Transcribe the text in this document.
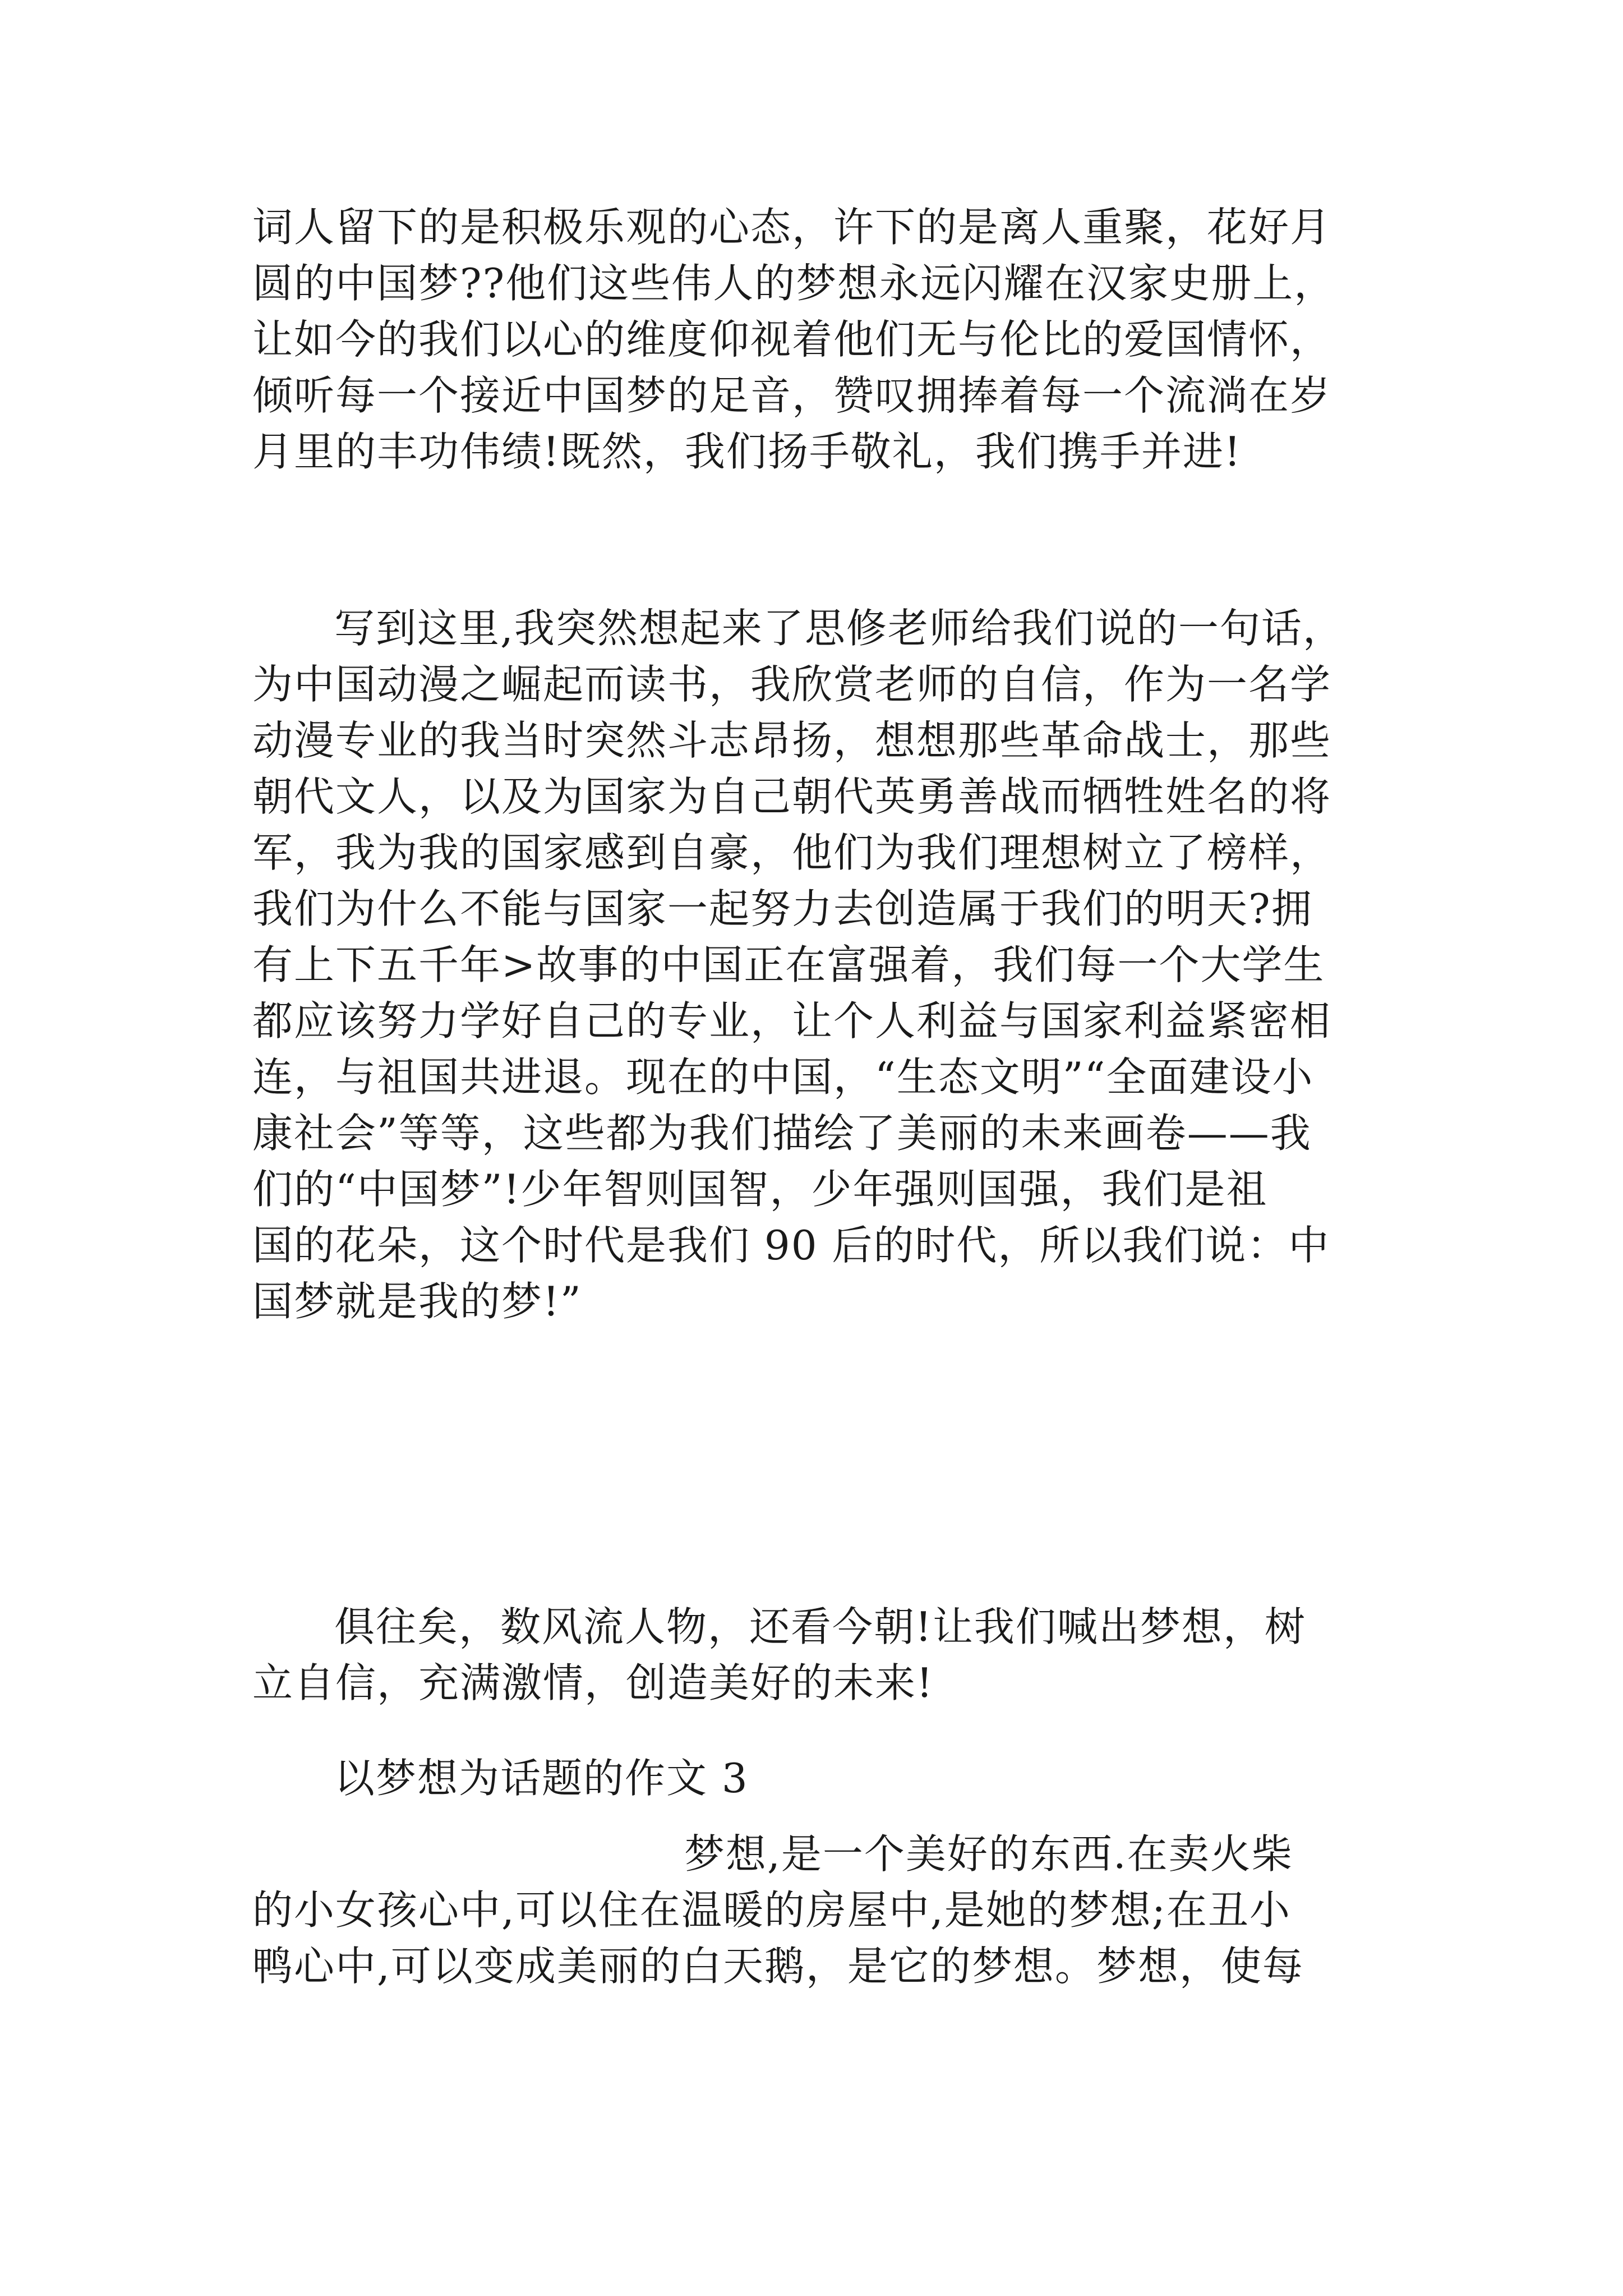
词人留下的是积极乐观的心态，许下的是离人重聚，花好月
圆的中国梦??他们这些伟人的梦想永远闪耀在汉家史册上，
让如今的我们以心的维度仰视着他们无与伦比的爱国情怀，
倾听每一个接近中国梦的足音，赞叹拥捧着每一个流淌在岁
月里的丰功伟绩!既然，我们扬手敬礼，我们携手并进!
写到这里,我突然想起来了思修老师给我们说的一句话，
为中国动漫之崛起而读书，我欣赏老师的自信，作为一名学
动漫专业的我当时突然斗志昂扬，想想那些革命战士，那些
朝代文人，以及为国家为自己朝代英勇善战而牺牲姓名的将
军，我为我的国家感到自豪，他们为我们理想树立了榜样，
我们为什么不能与国家一起努力去创造属于我们的明天?拥
有上下五千年>故事的中国正在富强着，我们每一个大学生
都应该努力学好自己的专业，让个人利益与国家利益紧密相
连，与祖国共进退。现在的中国，“生态文明”“全面建设小
康社会”等等，这些都为我们描绘了美丽的未来画卷——我
们的“中国梦”!少年智则国智，少年强则国强，我们是祖
国的花朵，这个时代是我们 90 后的时代，所以我们说：中
国梦就是我的梦!”
俱往矣，数风流人物，还看今朝!让我们喊出梦想，树
立自信，充满激情，创造美好的未来!
以梦想为话题的作文 3
梦想,是一个美好的东西.在卖火柴
的小女孩心中,可以住在温暖的房屋中,是她的梦想;在丑小
鸭心中,可以变成美丽的白天鹅，是它的梦想。梦想，使每
